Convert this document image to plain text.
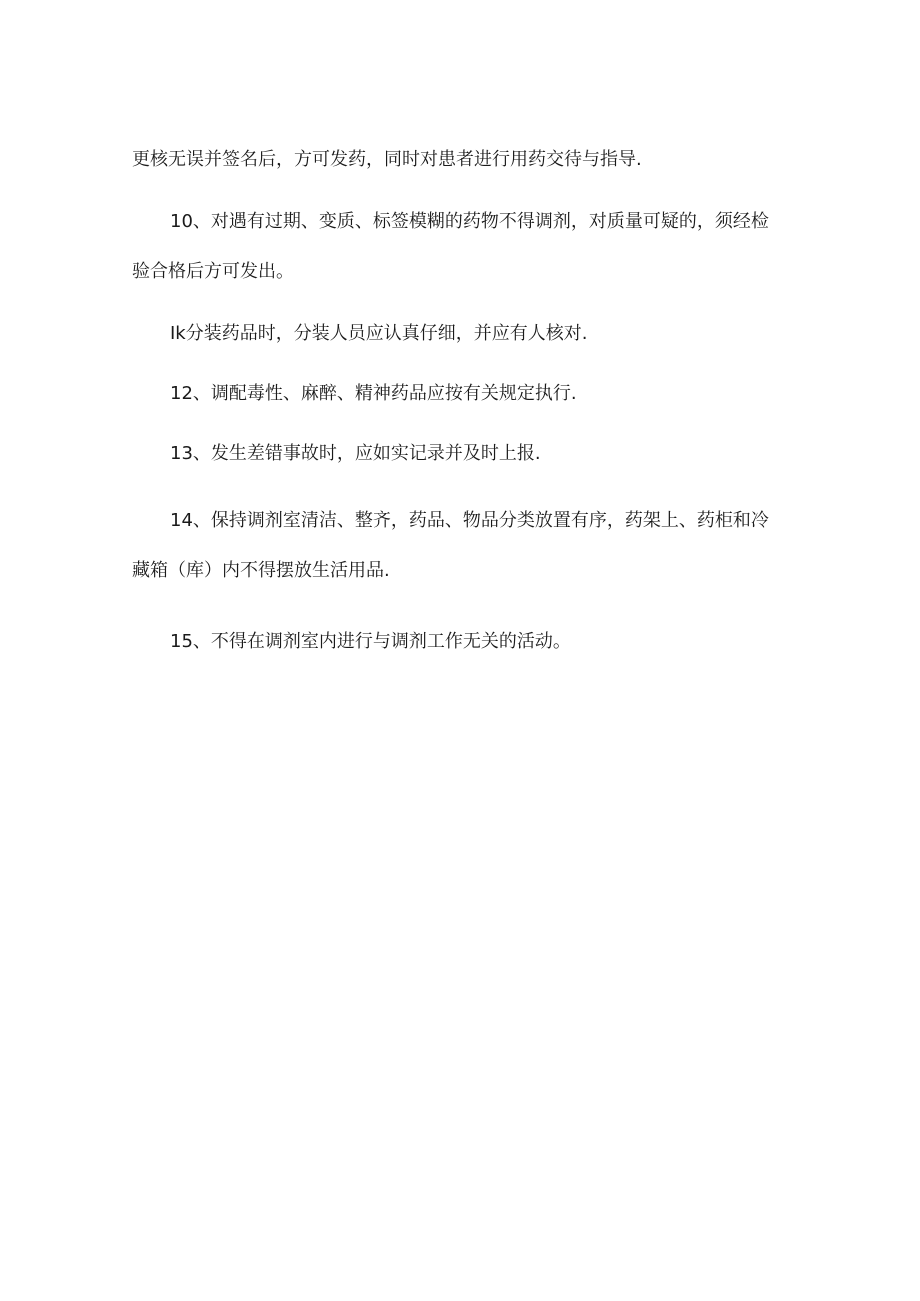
更核无误并签名后，方可发药，同时对患者进行用药交待与指导.
10、对遇有过期、变质、标签模糊的药物不得调剂，对质量可疑的，须经检
验合格后方可发出。
Ik分装药品时，分装人员应认真仔细，并应有人核对.
12、调配毒性、麻醉、精神药品应按有关规定执行.
13、发生差错事故时，应如实记录并及时上报.
14、保持调剂室清洁、整齐，药品、物品分类放置有序，药架上、药柜和冷
藏箱（库）内不得摆放生活用品.
15、不得在调剂室内进行与调剂工作无关的活动。
